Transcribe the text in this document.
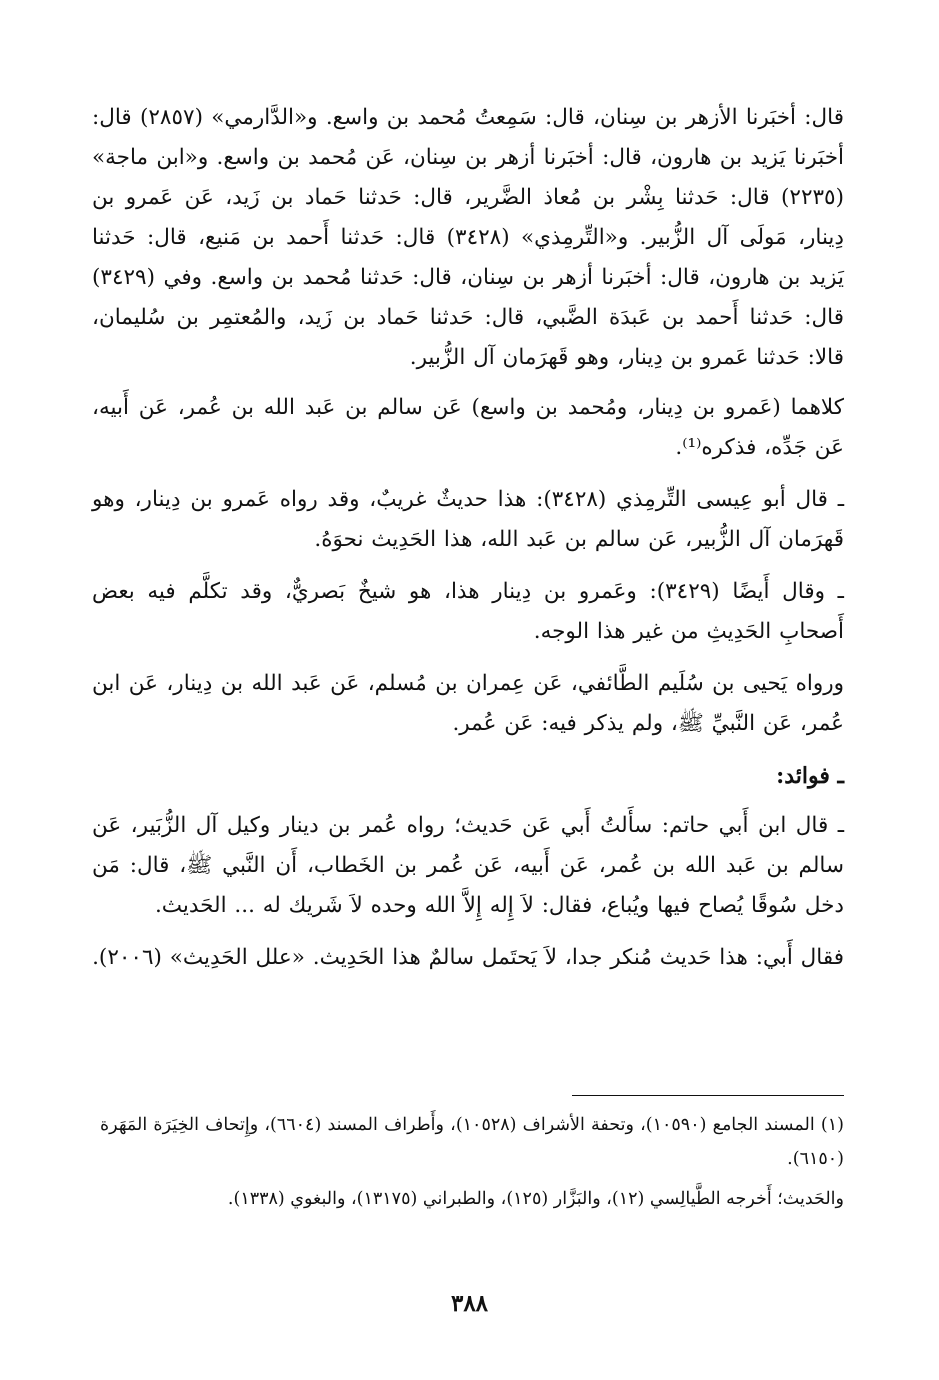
قال: أخبَرنا الأزهر بن سِنان، قال: سَمِعتُ مُحمد بن واسع. و«الدَّارمي» (٢٨٥٧) قال: أخبَرنا يَزيد بن هارون، قال: أخبَرنا أزهر بن سِنان، عَن مُحمد بن واسع. و«ابن ماجة» (٢٢٣٥) قال: حَدثنا بِشْر بن مُعاذ الضَّرير، قال: حَدثنا حَماد بن زَيد، عَن عَمرو بن دِينار، مَولَى آل الزُّبير. و«التِّرمِذي» (٣٤٢٨) قال: حَدثنا أَحمد بن مَنيع، قال: حَدثنا يَزيد بن هارون، قال: أخبَرنا أزهر بن سِنان، قال: حَدثنا مُحمد بن واسع. وفي (٣٤٢٩) قال: حَدثنا أَحمد بن عَبدَة الضَّبي، قال: حَدثنا حَماد بن زَيد، والمُعتمِر بن سُليمان، قالا: حَدثنا عَمرو بن دِينار، وهو قَهرَمان آل الزُّبير.

كلاهما (عَمرو بن دِينار، ومُحمد بن واسع) عَن سالم بن عَبد الله بن عُمر، عَن أَبيه، عَن جَدِّه، فذكره⁽¹⁾.

ـ قال أبو عِيسى التِّرمِذي (٣٤٢٨): هذا حديثٌ غريبٌ، وقد رواه عَمرو بن دِينار، وهو قَهرَمان آل الزُّبير، عَن سالم بن عَبد الله، هذا الحَدِيث نحوَهُ.

ـ وقال أَيضًا (٣٤٢٩): وعَمرو بن دِينار هذا، هو شيخٌ بَصريٌّ، وقد تكلَّم فيه بعض أَصحابِ الحَدِيثِ من غير هذا الوجه.

ورواه يَحيى بن سُلَيم الطَّائفي، عَن عِمران بن مُسلم، عَن عَبد الله بن دِينار، عَن ابن عُمر، عَن النَّبيِّ ﷺ، ولم يذكر فيه: عَن عُمر.

ـ فوائد:

ـ قال ابن أَبي حاتم: سأَلتُ أَبي عَن حَديث؛ رواه عُمر بن دينار وكيل آل الزُّبَير، عَن سالم بن عَبد الله بن عُمر، عَن أَبيه، عَن عُمر بن الخَطاب، أَن النَّبي ﷺ، قال: مَن دخل سُوقًا يُصاح فيها ويُباع، فقال: لاَ إِله إِلاَّ الله وحده لاَ شَريك له ... الحَديث.

فقال أَبي: هذا حَديث مُنكر جدا، لاَ يَحتَمل سالمٌ هذا الحَدِيث. «علل الحَدِيث» (٢٠٠٦).

(١) المسند الجامع (١٠٥٩٠)، وتحفة الأشراف (١٠٥٢٨)، وأَطراف المسند (٦٦٠٤)، وإِتحاف الخِيَرَة المَهَرة (٦١٥٠).

والحَديث؛ أَخرجه الطَّيالِسي (١٢)، والبَزَّار (١٢٥)، والطبراني (١٣١٧٥)، والبغوي (١٣٣٨).

٣٨٨
